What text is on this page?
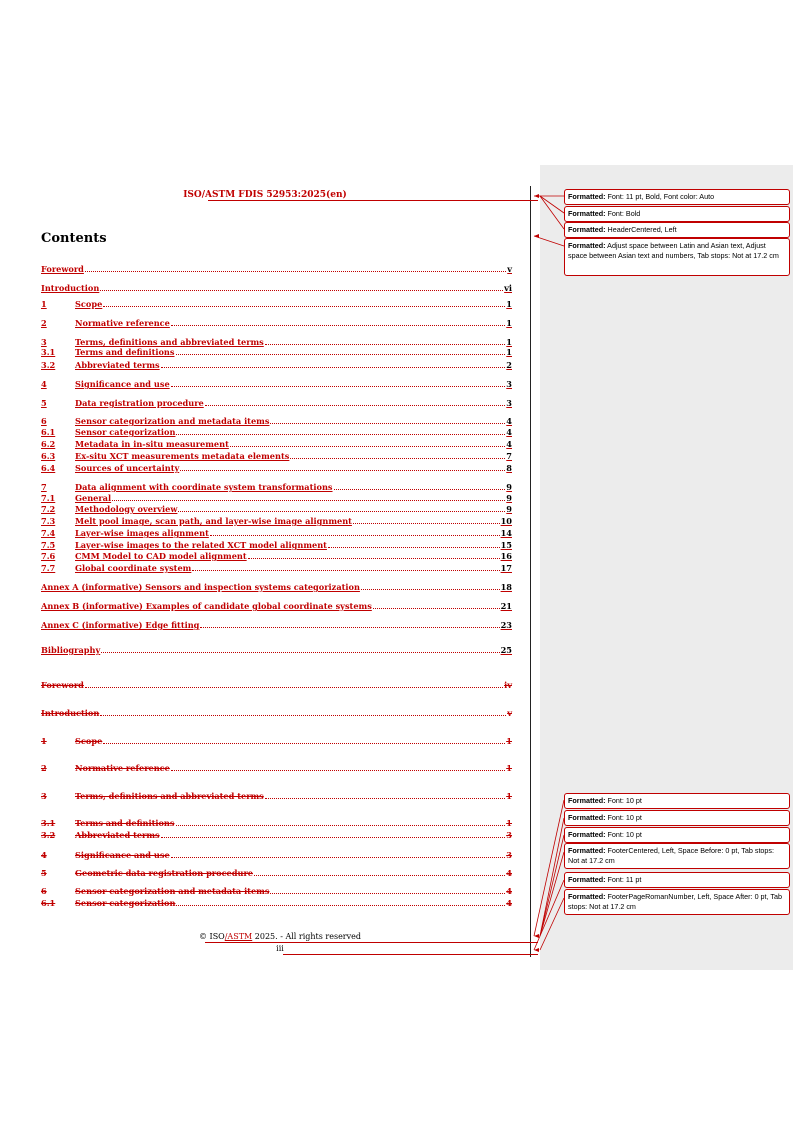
ISO/ASTM FDIS 52953:2025(en)
Contents
Foreword	v
Introduction	vi
1	Scope	1
2	Normative reference	1
3	Terms, definitions and abbreviated terms	1
3.1	Terms and definitions	1
3.2	Abbreviated terms	2
4	Significance and use	3
5	Data registration procedure	3
6	Sensor categorization and metadata items	4
6.1	Sensor categorization	4
6.2	Metadata in in-situ measurement	4
6.3	Ex-situ XCT measurements metadata elements	7
6.4	Sources of uncertainty	8
7	Data alignment with coordinate system transformations	9
7.1	General	9
7.2	Methodology overview	9
7.3	Melt pool image, scan path, and layer-wise image alignment	10
7.4	Layer-wise images alignment	14
7.5	Layer-wise images to the related XCT model alignment	15
7.6	CMM Model to CAD model alignment	16
7.7	Global coordinate system	17
Annex A (informative) Sensors and inspection systems categorization	18
Annex B (informative) Examples of candidate global coordinate systems	21
Annex C (informative) Edge fitting	23
Bibliography	25
Foreword	iv
Introduction	v
1	Scope	1
2	Normative reference	1
3	Terms, definitions and abbreviated terms	1
3.1	Terms and definitions	1
3.2	Abbreviated terms	3
4	Significance and use	3
5	Geometric data registration procedure	4
6	Sensor categorization and metadata items	4
6.1	Sensor categorization	4
© ISO/ASTM 2025. - All rights reserved
iii
Formatted: Font: 11 pt, Bold, Font color: Auto
Formatted: Font: Bold
Formatted: HeaderCentered, Left
Formatted: Adjust space between Latin and Asian text, Adjust space between Asian text and numbers, Tab stops: Not at 17.2 cm
Formatted: Font: 10 pt
Formatted: Font: 10 pt
Formatted: Font: 10 pt
Formatted: FooterCentered, Left, Space Before: 0 pt, Tab stops: Not at 17.2 cm
Formatted: Font: 11 pt
Formatted: FooterPageRomanNumber, Left, Space After: 0 pt, Tab stops: Not at 17.2 cm
